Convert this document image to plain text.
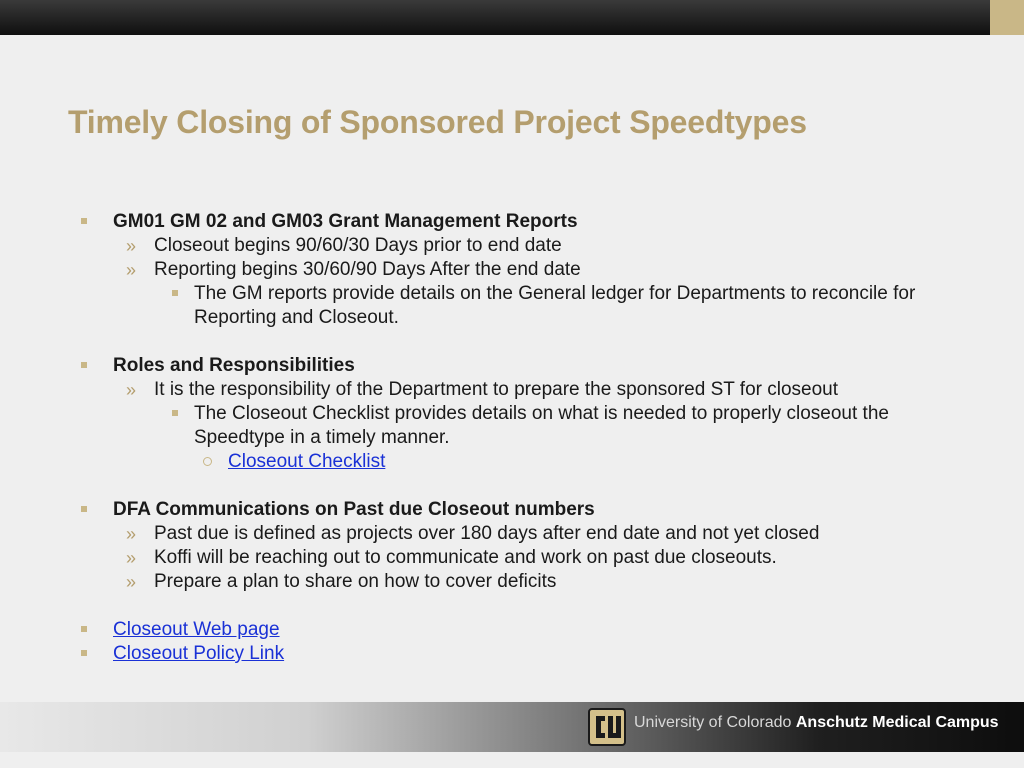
Timely Closing of Sponsored Project Speedtypes
GM01 GM 02 and GM03 Grant Management Reports
» Closeout begins 90/60/30 Days prior to end date
» Reporting begins 30/60/90 Days After the end date
The GM reports provide details on the General ledger for Departments to reconcile for Reporting and Closeout.
Roles and Responsibilities
» It is the responsibility of the Department to prepare the sponsored ST for closeout
The Closeout Checklist provides details on what is needed to properly closeout the Speedtype in a timely manner.
Closeout Checklist
DFA Communications on Past due Closeout numbers
» Past due is defined as projects over 180 days after end date and not yet closed
» Koffi will be reaching out to communicate and work on past due closeouts.
» Prepare a plan to share on how to cover deficits
Closeout Web page
Closeout Policy Link
University of Colorado Anschutz Medical Campus
